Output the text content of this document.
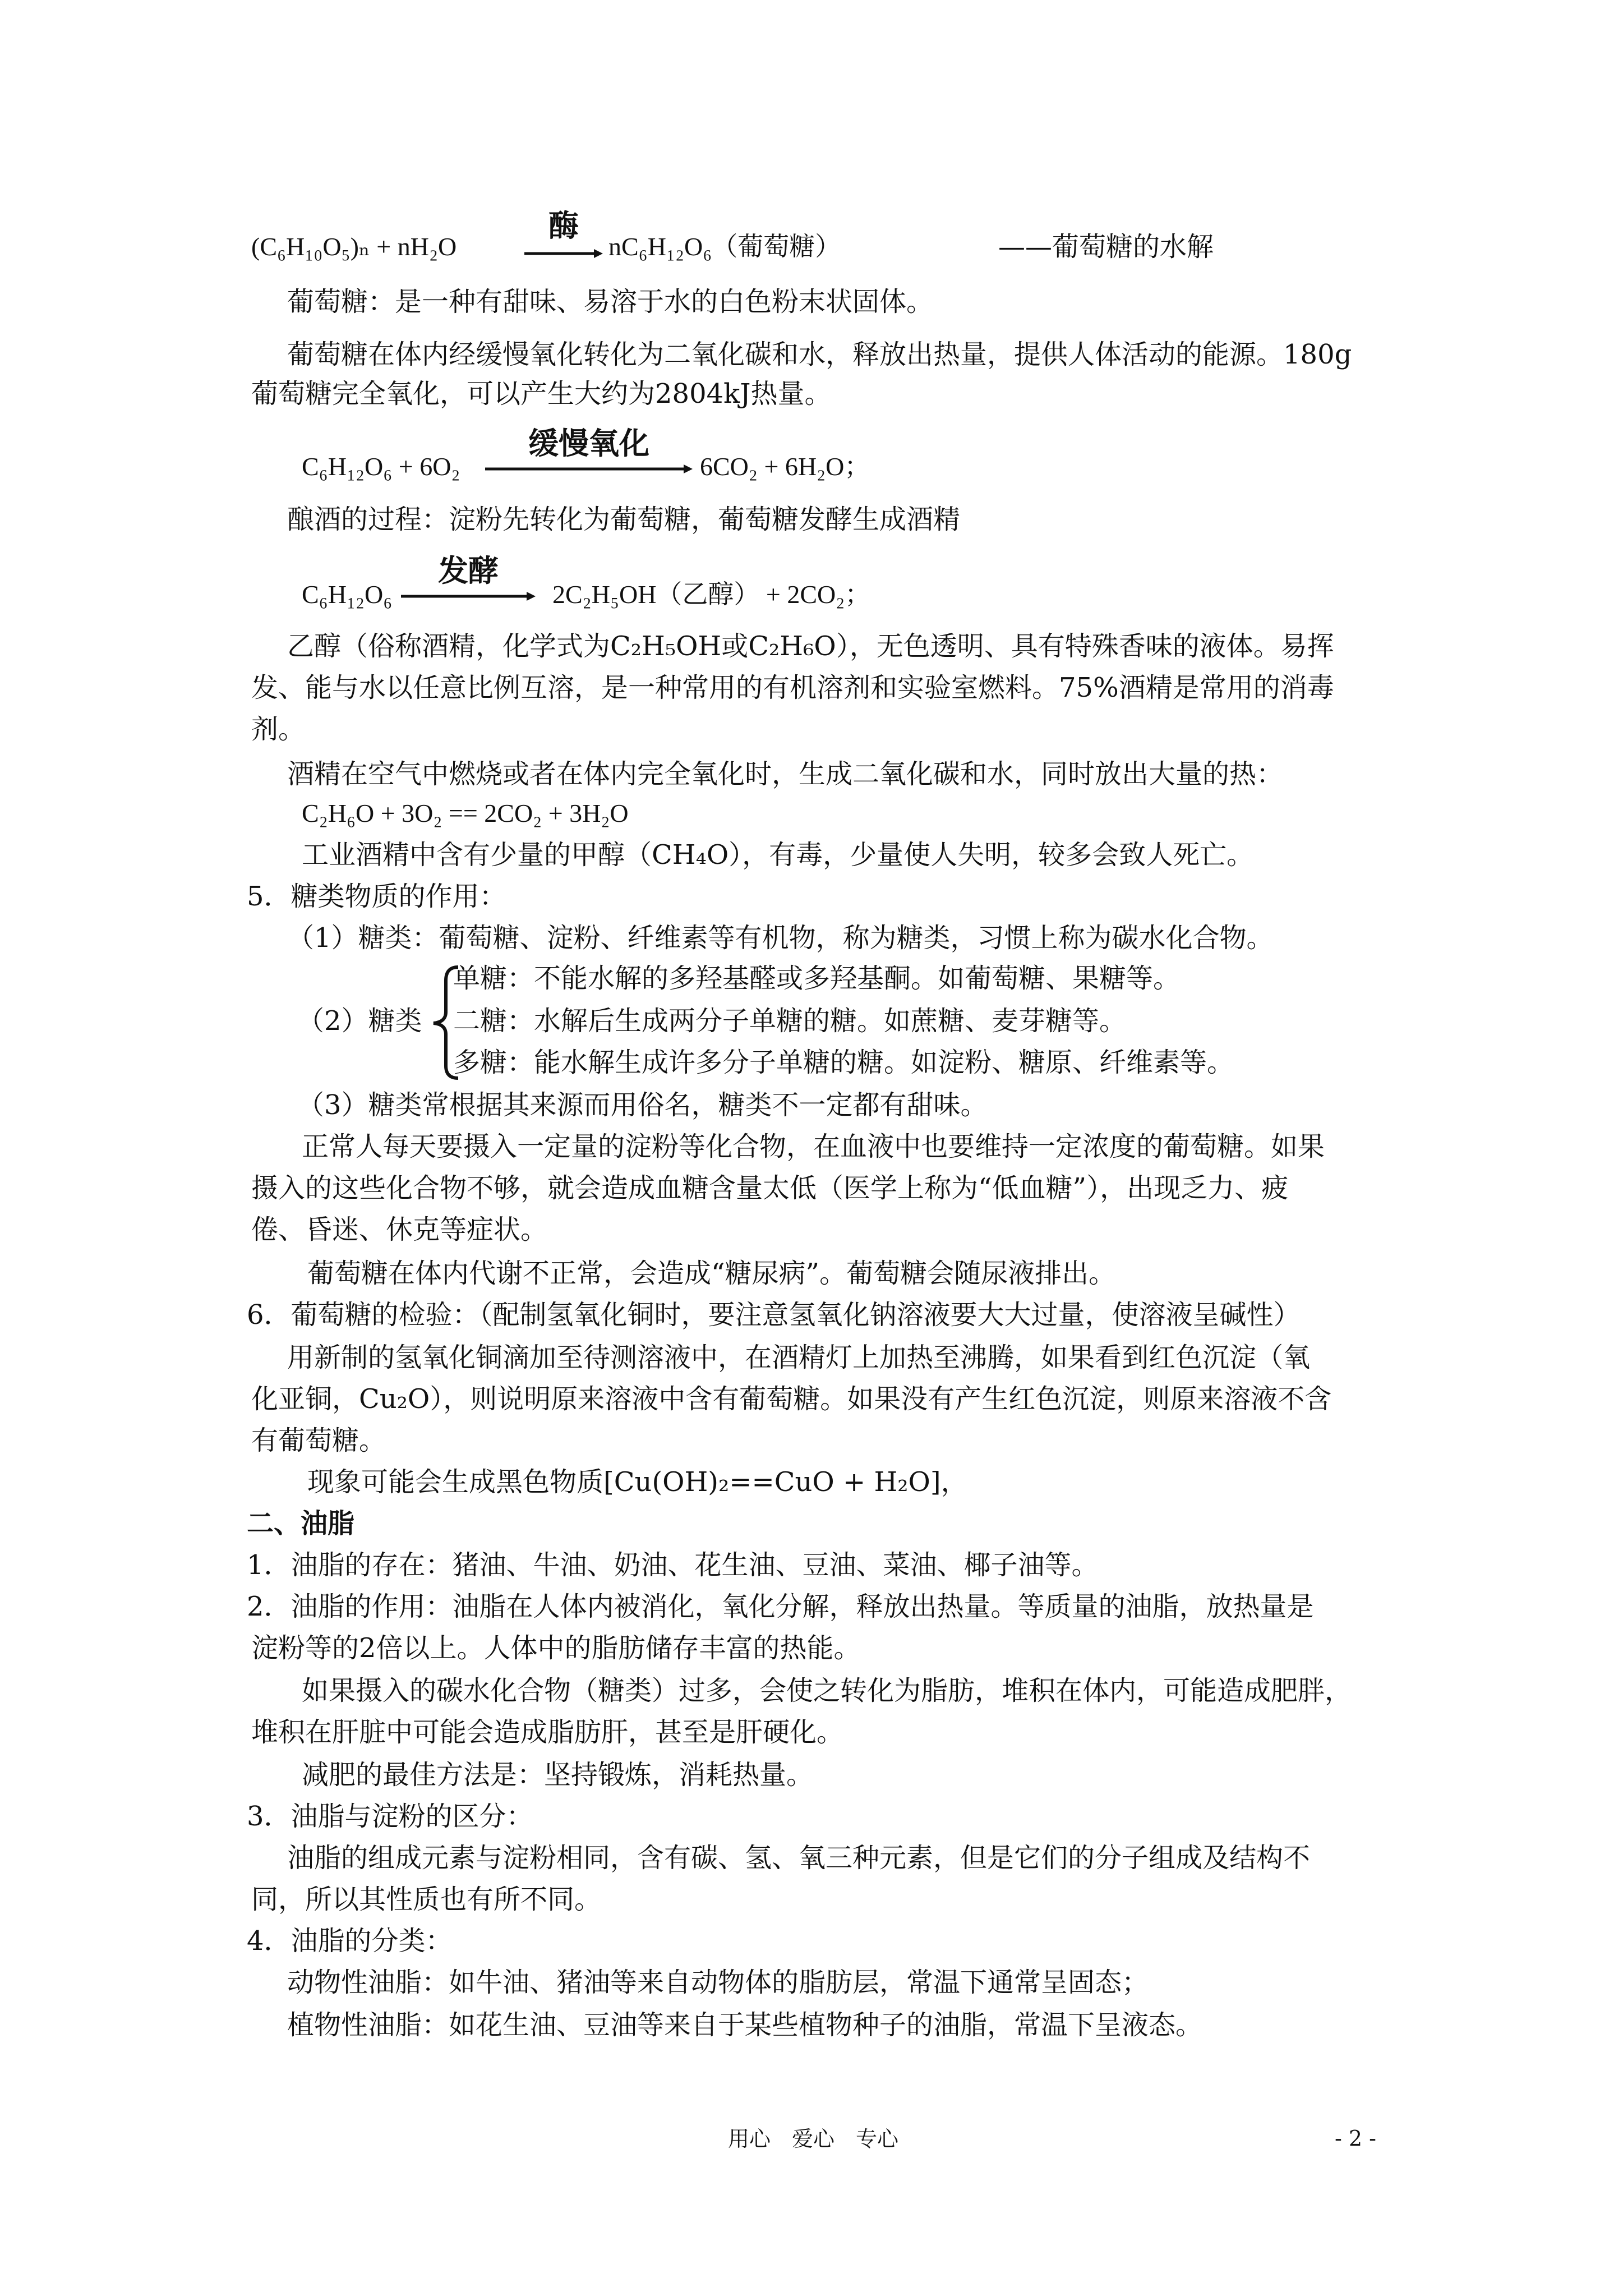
(C₆H₁₀O₅)ₙ + nH₂O
酶
nC₆H₁₂O₆（葡萄糖）	——葡萄糖的水解
葡萄糖：是一种有甜味、易溶于水的白色粉末状固体。
葡萄糖在体内经缓慢氧化转化为二氧化碳和水，释放出热量，提供人体活动的能源。180g
葡萄糖完全氧化，可以产生大约为2804kJ热量。
C₆H₁₂O₆ + 6O₂
缓慢氧化
6CO₂ + 6H₂O；
酿酒的过程：淀粉先转化为葡萄糖，葡萄糖发酵生成酒精
C₆H₁₂O₆
发酵
2C₂H₅OH（乙醇） + 2CO₂；
乙醇（俗称酒精，化学式为C₂H₅OH或C₂H₆O），无色透明、具有特殊香味的液体。易挥
发、能与水以任意比例互溶，是一种常用的有机溶剂和实验室燃料。75%酒精是常用的消毒
剂。
酒精在空气中燃烧或者在体内完全氧化时，生成二氧化碳和水，同时放出大量的热：
C₂H₆O + 3O₂ == 2CO₂ + 3H₂O
工业酒精中含有少量的甲醇（CH₄O），有毒，少量使人失明，较多会致人死亡。
5．糖类物质的作用：
（1）糖类：葡萄糖、淀粉、纤维素等有机物，称为糖类，习惯上称为碳水化合物。
（2）糖类
单糖：不能水解的多羟基醛或多羟基酮。如葡萄糖、果糖等。
二糖：水解后生成两分子单糖的糖。如蔗糖、麦芽糖等。
多糖：能水解生成许多分子单糖的糖。如淀粉、糖原、纤维素等。
（3）糖类常根据其来源而用俗名，糖类不一定都有甜味。
正常人每天要摄入一定量的淀粉等化合物，在血液中也要维持一定浓度的葡萄糖。如果
摄入的这些化合物不够，就会造成血糖含量太低（医学上称为“低血糖”），出现乏力、疲
倦、昏迷、休克等症状。
葡萄糖在体内代谢不正常，会造成“糖尿病”。葡萄糖会随尿液排出。
6．葡萄糖的检验：（配制氢氧化铜时，要注意氢氧化钠溶液要大大过量，使溶液呈碱性）
用新制的氢氧化铜滴加至待测溶液中，在酒精灯上加热至沸腾，如果看到红色沉淀（氧
化亚铜，Cu₂O），则说明原来溶液中含有葡萄糖。如果没有产生红色沉淀，则原来溶液不含
有葡萄糖。
现象可能会生成黑色物质[Cu(OH)₂==CuO + H₂O]，
二、油脂
1．油脂的存在：猪油、牛油、奶油、花生油、豆油、菜油、椰子油等。
2．油脂的作用：油脂在人体内被消化，氧化分解，释放出热量。等质量的油脂，放热量是
淀粉等的2倍以上。人体中的脂肪储存丰富的热能。
如果摄入的碳水化合物（糖类）过多，会使之转化为脂肪，堆积在体内，可能造成肥胖，
堆积在肝脏中可能会造成脂肪肝，甚至是肝硬化。
减肥的最佳方法是：坚持锻炼，消耗热量。
3．油脂与淀粉的区分：
油脂的组成元素与淀粉相同，含有碳、氢、氧三种元素，但是它们的分子组成及结构不
同，所以其性质也有所不同。
4．油脂的分类：
动物性油脂：如牛油、猪油等来自动物体的脂肪层，常温下通常呈固态；
植物性油脂：如花生油、豆油等来自于某些植物种子的油脂，常温下呈液态。
用心　爱心　专心	- 2 -
